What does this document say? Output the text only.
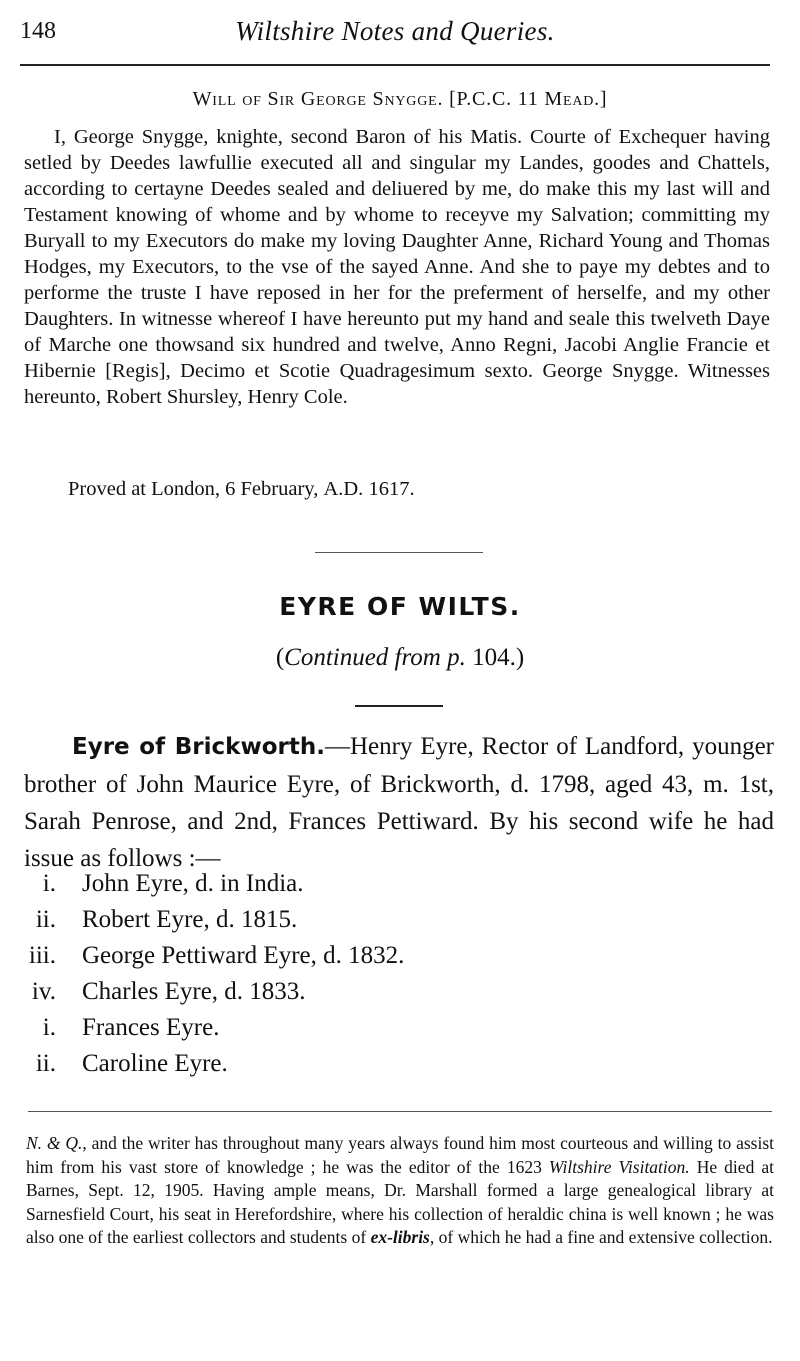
148	Wiltshire Notes and Queries.
Will of Sir George Snygge. [P.C.C. 11 Mead.]
I, George Snygge, knighte, second Baron of his Matis. Courte of Exchequer having setled by Deedes lawfullie executed all and singular my Landes, goodes and Chattels, according to certayne Deedes sealed and deliuered by me, do make this my last will and Testament knowing of whome and by whome to receyve my Salvation; committing my Buryall to my Executors do make my loving Daughter Anne, Richard Young and Thomas Hodges, my Executors, to the vse of the sayed Anne. And she to paye my debtes and to performe the truste I have reposed in her for the preferment of herselfe, and my other Daughters. In witnesse whereof I have hereunto put my hand and seale this twelveth Daye of Marche one thowsand six hundred and twelve, Anno Regni, Jacobi Anglie Francie et Hibernie [Regis], Decimo et Scotie Quadragesimum sexto. George Snygge. Witnesses hereunto, Robert Shursley, Henry Cole.
Proved at London, 6 February, A.D. 1617.
EYRE OF WILTS.
(Continued from p. 104.)
Eyre of Brickworth.—Henry Eyre, Rector of Landford, younger brother of John Maurice Eyre, of Brickworth, d. 1798, aged 43, m. 1st, Sarah Penrose, and 2nd, Frances Pettiward. By his second wife he had issue as follows :—
i. John Eyre, d. in India.
ii. Robert Eyre, d. 1815.
iii. George Pettiward Eyre, d. 1832.
iv. Charles Eyre, d. 1833.
i. Frances Eyre.
ii. Caroline Eyre.
N. & Q., and the writer has throughout many years always found him most courteous and willing to assist him from his vast store of knowledge ; he was the editor of the 1623 Wiltshire Visitation. He died at Barnes, Sept. 12, 1905. Having ample means, Dr. Marshall formed a large genealogical library at Sarnesfield Court, his seat in Herefordshire, where his collection of heraldic china is well known ; he was also one of the earliest collectors and students of ex-libris, of which he had a fine and extensive collection.
